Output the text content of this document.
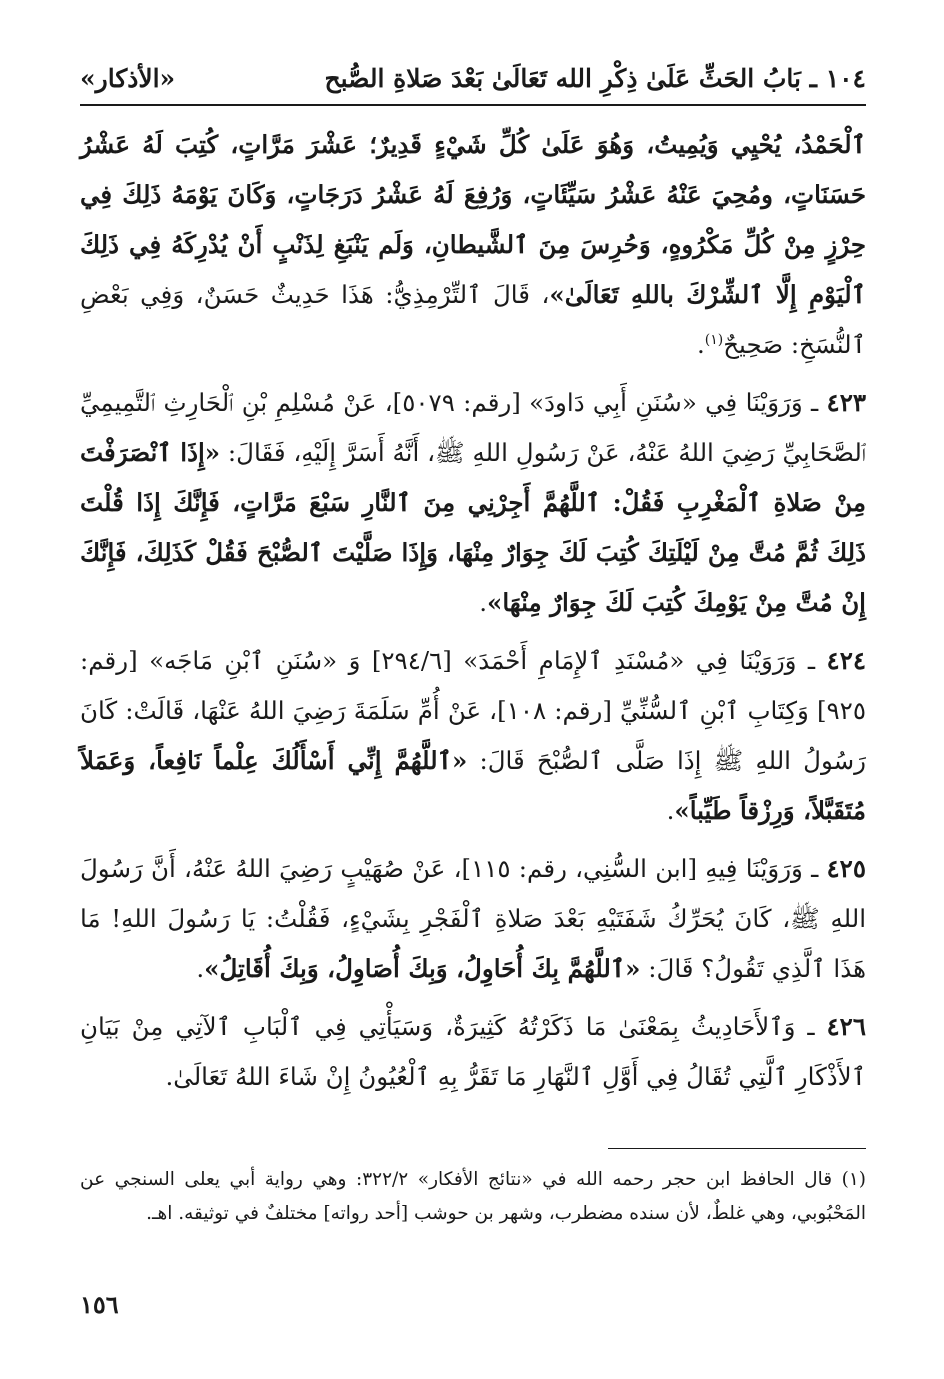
١٠٤ ـ بَابُ الحَثِّ عَلَىٰ ذِكْرِ الله تَعَالَىٰ بَعْدَ صَلاةِ الصُّبح
«الأذكار»

ٱلْحَمْدُ، يُحْيِي وَيُمِيتُ، وَهُوَ عَلَىٰ كُلِّ شَيْءٍ قَدِيرٌ؛ عَشْرَ مَرَّاتٍ، كُتِبَ لَهُ عَشْرُ حَسَنَاتٍ، ومُحِيَ عَنْهُ عَشْرُ سَيِّئَاتٍ، وَرُفِعَ لَهُ عَشْرُ دَرَجَاتٍ، وَكَانَ يَوْمَهُ ذَلِكَ فِي حِرْزٍ مِنْ كُلِّ مَكْرُوهٍ، وَحُرِسَ مِنَ ٱلشَّيطانِ، وَلَم يَنْبَغِ لِذَنْبٍ أَنْ يُدْرِكَهُ فِي ذَلِكَ ٱلْيَوْمِ إِلَّا ٱلشِّرْكَ باللهِ تَعَالَىٰ»، قَالَ ٱلتِّرْمِذِيُّ: هَذَا حَدِيثٌ حَسَنٌ، وَفِي بَعْضِ ٱلنُّسَخِ: صَحِيحٌ$^{(١)}$.

٤٢٣ ـ وَرَوَيْنَا فِي «سُنَنِ أَبِي دَاودَ» [رقم: ٥٠٧٩]، عَنْ مُسْلِمِ بْنِ ٱلْحَارِثِ ٱلتَّمِيمِيِّ ٱلصَّحَابِيِّ رَضِيَ اللهُ عَنْهُ، عَنْ رَسُولِ اللهِ ﷺ، أَنَّهُ أَسَرَّ إِلَيْهِ، فَقَالَ: «إِذَا ٱنْصَرَفْتَ مِنْ صَلاةِ ٱلْمَغْرِبِ فَقُلْ: ٱللَّهُمَّ أَجِرْنِي مِنَ ٱلنَّارِ سَبْعَ مَرَّاتٍ، فَإِنَّكَ إِذَا قُلْتَ ذَلِكَ ثُمَّ مُتَّ مِنْ لَيْلَتِكَ كُتِبَ لَكَ جِوَارٌ مِنْهَا، وَإِذَا صَلَّيْتَ ٱلصُّبْحَ فَقُلْ كَذَلِكَ، فَإِنَّكَ إِنْ مُتَّ مِنْ يَوْمِكَ كُتِبَ لَكَ جِوَارٌ مِنْهَا».

٤٢٤ ـ وَرَوَيْنَا فِي «مُسْنَدِ ٱلإِمَامِ أَحْمَدَ» [٢٩٤/٦] وَ «سُنَنِ ٱبْنِ مَاجَه» [رقم: ٩٢٥] وَكِتَابِ ٱبْنِ ٱلسُّنِّيِّ [رقم: ١٠٨]، عَنْ أُمِّ سَلَمَةَ رَضِيَ اللهُ عَنْهَا، قَالَتْ: كَانَ رَسُولُ اللهِ ﷺ إِذَا صَلَّى ٱلصُّبْحَ قَالَ: «ٱللَّهُمَّ إِنِّي أَسْأَلُكَ عِلْماً نَافِعاً، وَعَمَلاً مُتَقَبَّلاً، وَرِزْقاً طَيِّباً».

٤٢٥ ـ وَرَوَيْنَا فِيهِ [ابن السُّنِي، رقم: ١١٥]، عَنْ صُهَيْبٍ رَضِيَ اللهُ عَنْهُ، أَنَّ رَسُولَ اللهِ ﷺ، كَانَ يُحَرِّكُ شَفَتَيْهِ بَعْدَ صَلاةِ ٱلْفَجْرِ بِشَيْءٍ، فَقُلْتُ: يَا رَسُولَ اللهِ! مَا هَذَا ٱلَّذِي تَقُولُ؟ قَالَ: «ٱللَّهُمَّ بِكَ أُحَاوِلُ، وَبِكَ أُصَاوِلُ، وَبِكَ أُقَاتِلُ».

٤٢٦ ـ وَٱلأَحَادِيثُ بِمَعْنَىٰ مَا ذَكَرْتُهُ كَثِيرَةٌ، وَسَيَأْتِي فِي ٱلْبَابِ ٱلآتِي مِنْ بَيَانِ ٱلأَذْكَارِ ٱلَّتِي تُقَالُ فِي أَوَّلِ ٱلنَّهَارِ مَا تَقَرُّ بِهِ ٱلْعُيُونُ إِنْ شَاءَ اللهُ تَعَالَىٰ.

(١) قال الحافظ ابن حجر رحمه الله في «نتائج الأفكار» ٣٢٢/٢: وهي رواية أبي يعلى السنجي عن المَحْبُوبي، وهي غلطٌ، لأن سنده مضطرب، وشهر بن حوشب [أحد رواته] مختلفٌ في توثيقه. اهـ.

١٥٦
